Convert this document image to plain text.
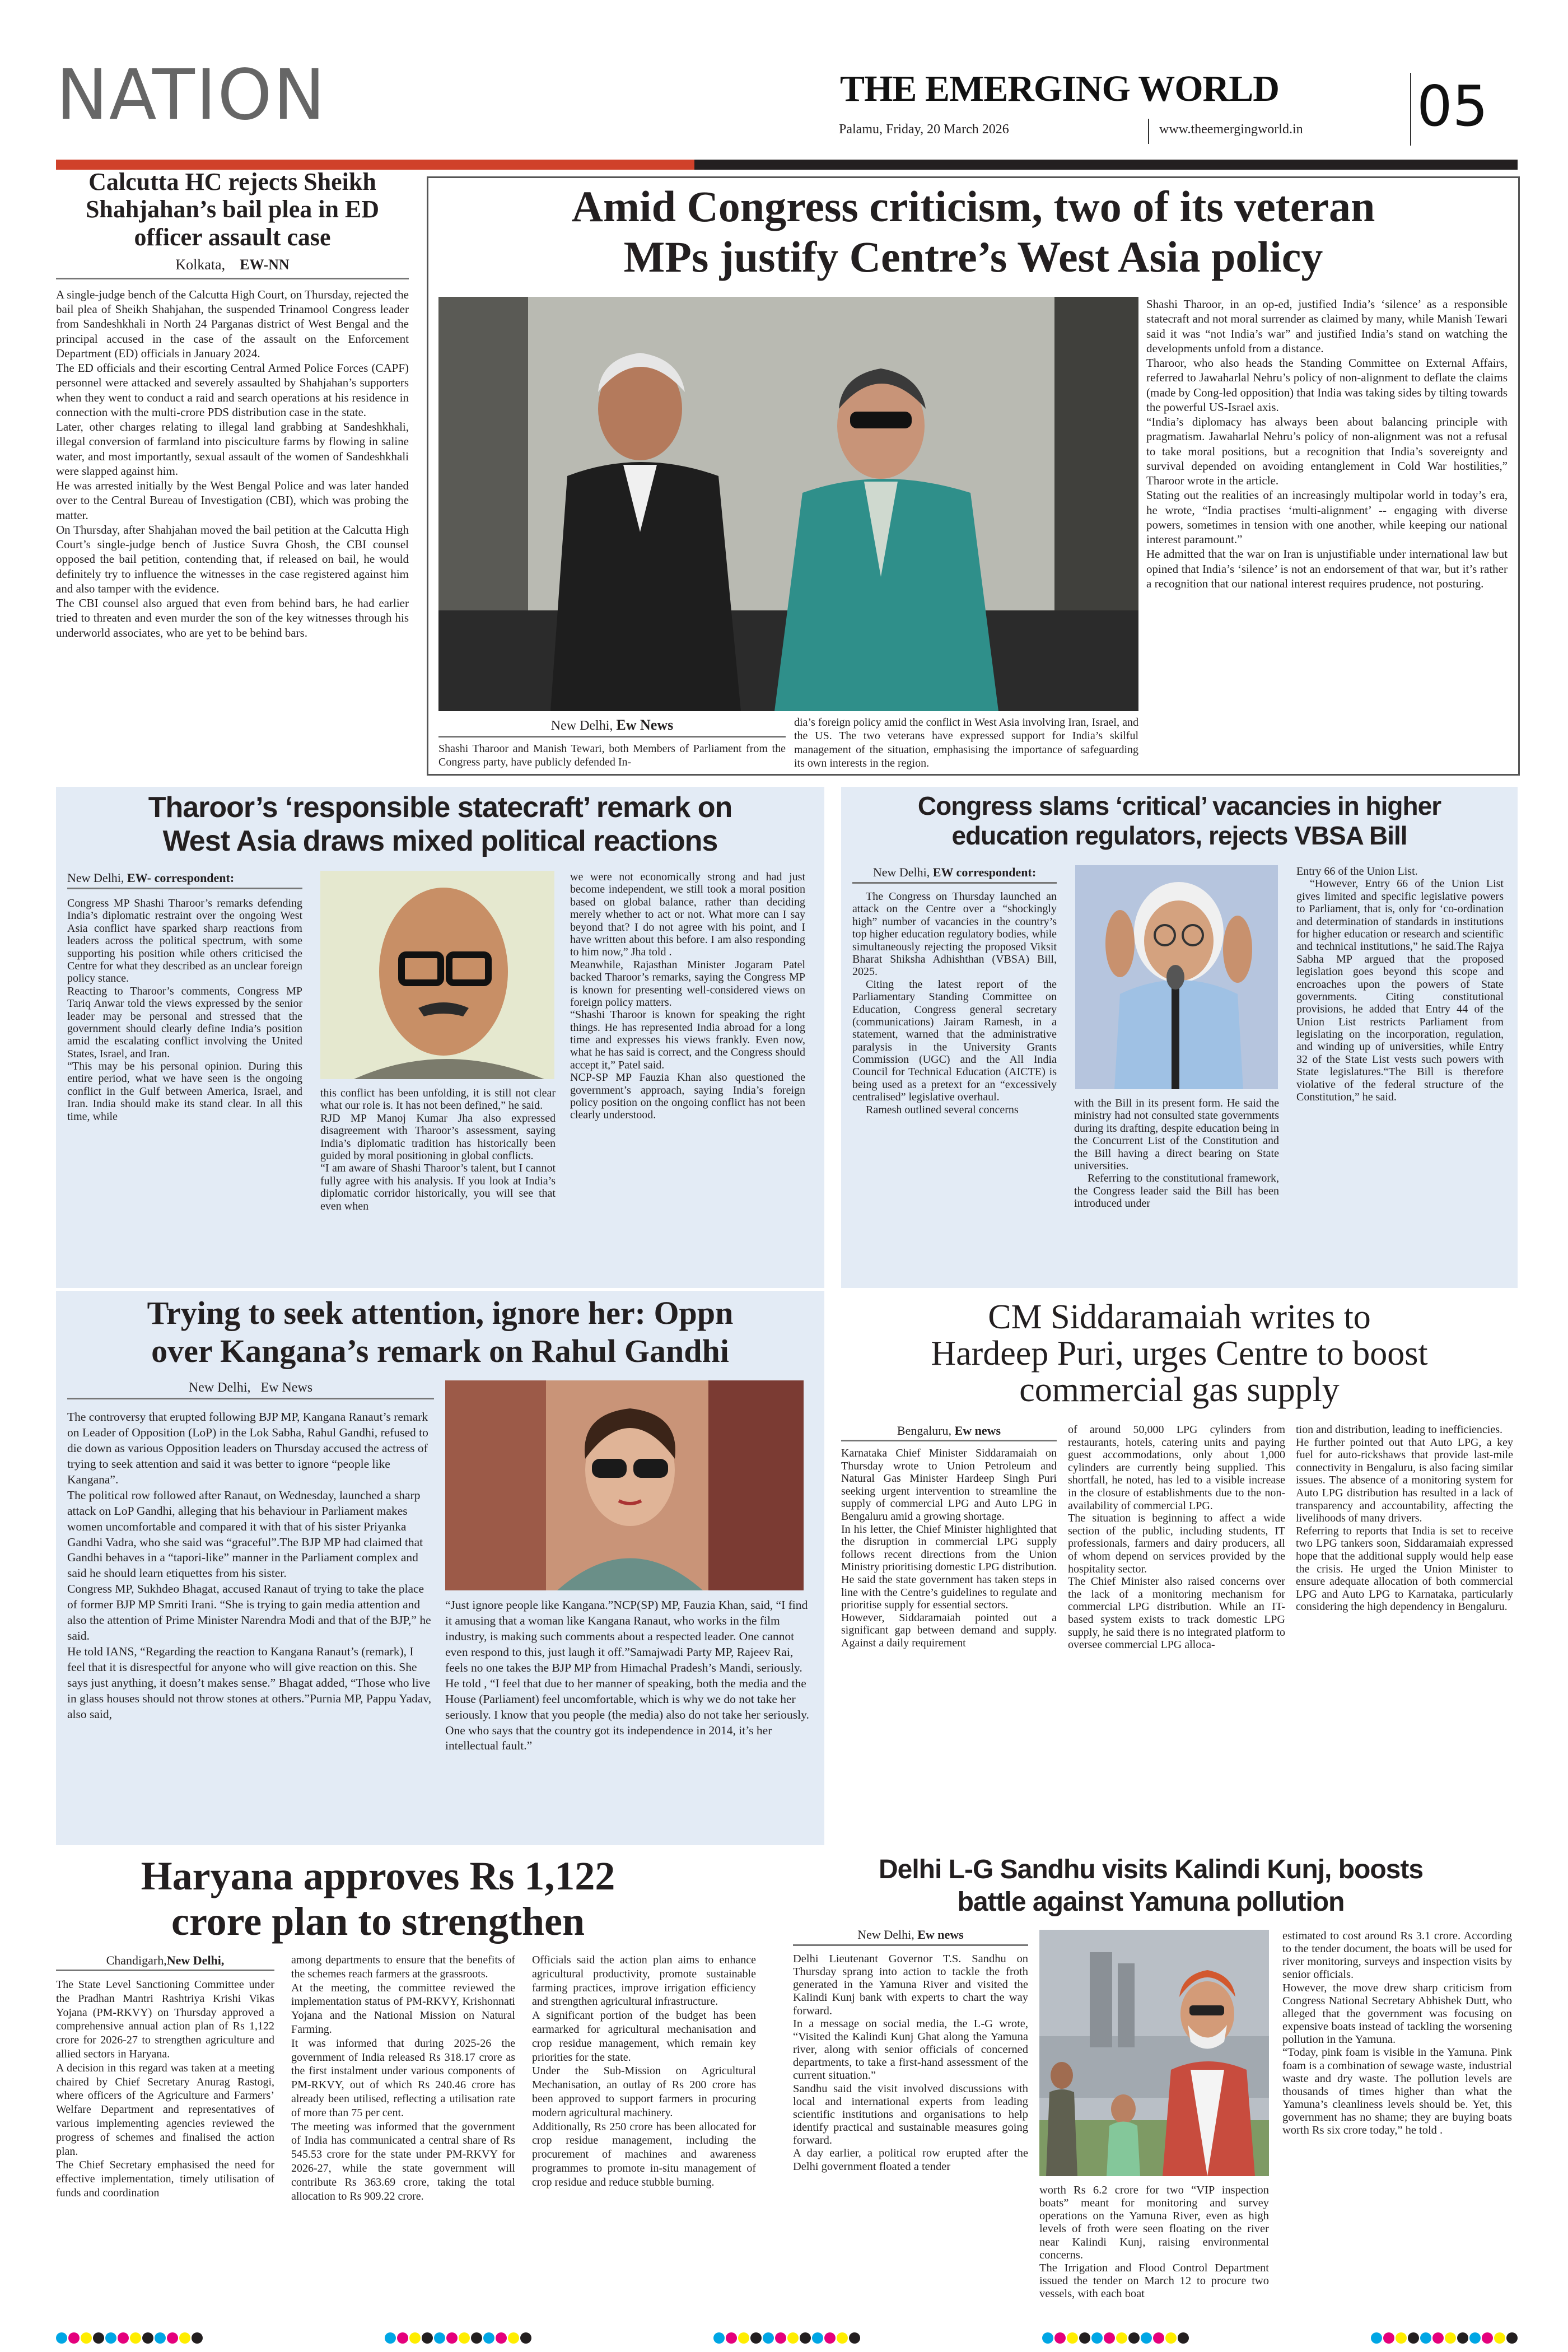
NATION	THE EMERGING WORLD
Palamu, Friday, 20 March 2026	www.theemergingworld.in 05
Calcutta HC rejects Sheikh Shahjahan’s bail plea in ED officer assault case
Kolkata, EW-NN

A single-judge bench of the Calcutta High Court, on Thursday, rejected the bail plea of Sheikh Shahjahan, the suspended Trinamool Congress leader from Sandeshkhali in North 24 Parganas district of West Bengal and the principal accused in the case of the assault on the Enforcement Department (ED) officials in January 2024.

The ED officials and their escorting Central Armed Police Forces (CAPF) personnel were attacked and severely assaulted by Shahjahan’s supporters when they went to conduct a raid and search operations at his residence in connection with the multi-crore PDS distribution case in the state.

Later, other charges relating to illegal land grabbing at Sandeshkhali, illegal conversion of farmland into pisciculture farms by flowing in saline water, and most importantly, sexual assault of the women of Sandeshkhali were slapped against him.

He was arrested initially by the West Bengal Police and was later handed over to the Central Bureau of Investigation (CBI), which was probing the matter.

On Thursday, after Shahjahan moved the bail petition at the Calcutta High Court’s single-judge bench of Justice Suvra Ghosh, the CBI counsel opposed the bail petition, contending that, if released on bail, he would definitely try to influence the witnesses in the case registered against him and also tamper with the evidence.

The CBI counsel also argued that even from behind bars, he had earlier tried to threaten and even murder the son of the key witnesses through his underworld associates, who are yet to be behind bars.

Amid Congress criticism, two of its veteran
MPs justify Centre’s West Asia policy

Shashi Tharoor, in an op-ed, justified India’s ‘silence’ as a responsible statecraft and not moral surrender as claimed by many, while Manish Tewari said it was “not India’s war” and justified India’s stand on watching the developments unfold from a distance.

Tharoor, who also heads the Standing Committee on External Affairs, referred to Jawaharlal Nehru’s policy of non-alignment to deflate the claims (made by Cong-led opposition) that India was taking sides by tilting towards the powerful US-Israel axis.

“India’s diplomacy has always been about balancing principle with pragmatism. Jawaharlal Nehru’s policy of non-alignment was not a refusal to take moral positions, but a recognition that India’s sovereignty and survival depended on avoiding entanglement in Cold War hostilities,” Tharoor wrote in the article.

Stating out the realities of an increasingly multipolar world in today’s era, he wrote, “India practises ‘multi-alignment’ -- engaging with diverse powers, sometimes in tension with one another, while keeping our national interest paramount.”

He admitted that the war on Iran is unjustifiable under international law but opined that India’s ‘silence’ is not an endorsement of that war, but it’s rather a recognition that our national interest requires prudence, not posturing.

New Delhi, Ew News
Shashi Tharoor and Manish Tewari, both Members of Parliament from the Congress party, have publicly defended In-
dia’s foreign policy amid the conflict in West Asia involving Iran, Israel, and the US. The two veterans have expressed support for India’s skilful management of the situation, emphasising the importance of safeguarding its own interests in the region.
Tharoor’s ‘responsible statecraft’ remark on
West Asia draws mixed political reactions
New Delhi, EW- correspondent:

Congress MP Shashi Tharoor’s remarks defending India’s diplomatic restraint over the ongoing West Asia conflict have sparked sharp reactions from leaders across the political spectrum, with some supporting his position while others criticised the Centre for what they described as an unclear foreign policy stance.

Reacting to Tharoor’s comments, Congress MP Tariq Anwar told the views expressed by the senior leader may be personal and stressed that the government should clearly define India’s position amid the escalating conflict involving the United States, Israel, and Iran.

“This may be his personal opinion. During this entire period, what we have seen is the ongoing conflict in the Gulf between America, Israel, and Iran. India should make its stand clear. In all this time, while

this conflict has been unfolding, it is still not clear what our role is. It has not been defined,” he said.

RJD MP Manoj Kumar Jha also expressed disagreement with Tharoor’s assessment, saying India’s diplomatic tradition has historically been guided by moral positioning in global conflicts.

“I am aware of Shashi Tharoor’s talent, but I cannot fully agree with his analysis. If you look at India’s diplomatic corridor historically, you will see that even when

we were not economically strong and had just become independent, we still took a moral position based on global balance, rather than deciding merely whether to act or not. What more can I say beyond that? I do not agree with his point, and I have written about this before. I am also responding to him now,” Jha told .

Meanwhile, Rajasthan Minister Jogaram Patel backed Tharoor’s remarks, saying the Congress MP is known for presenting well-considered views on foreign policy matters.

“Shashi Tharoor is known for speaking the right things. He has represented India abroad for a long time and expresses his views frankly. Even now, what he has said is correct, and the Congress should accept it,” Patel said.

NCP-SP MP Fauzia Khan also questioned the government’s approach, saying India’s foreign policy position on the ongoing conflict has not been clearly understood.

Congress slams ‘critical’ vacancies in higher
education regulators, rejects VBSA Bill
New Delhi, EW correspondent:

The Congress on Thursday launched an attack on the Centre over a “shockingly high” number of vacancies in the country’s top higher education regulatory bodies, while simultaneously rejecting the proposed Viksit Bharat Shiksha Adhishthan (VBSA) Bill, 2025.

Citing the latest report of the Parliamentary Standing Committee on Education, Congress general secretary (communications) Jairam Ramesh, in a statement, warned that the administrative paralysis in the University Grants Commission (UGC) and the All India Council for Technical Education (AICTE) is being used as a pretext for an “excessively centralised” legislative overhaul.

Ramesh outlined several concerns

with the Bill in its present form. He said the ministry had not consulted state governments during its drafting, despite education being in the Concurrent List of the Constitution and the Bill having a direct bearing on State universities.

Referring to the constitutional framework, the Congress leader said the Bill has been introduced under

Entry 66 of the Union List.

“However, Entry 66 of the Union List gives limited and specific legislative powers to Parliament, that is, only for ‘co-ordination and determination of standards in institutions for higher education or research and scientific and technical institutions,” he said.The Rajya Sabha MP argued that the proposed legislation goes beyond this scope and encroaches upon the powers of State governments. Citing constitutional provisions, he added that Entry 44 of the Union List restricts Parliament from legislating on the incorporation, regulation, and winding up of universities, while Entry 32 of the State List vests such powers with State legislatures.“The Bill is therefore violative of the federal structure of the Constitution,” he said.

Trying to seek attention, ignore her: Oppn
over Kangana’s remark on Rahul Gandhi
New Delhi, Ew News

The controversy that erupted following BJP MP, Kangana Ranaut’s remark on Leader of Opposition (LoP) in the Lok Sabha, Rahul Gandhi, refused to die down as various Opposition leaders on Thursday accused the actress of trying to seek attention and said it was better to ignore “people like Kangana”.

The political row followed after Ranaut, on Wednesday, launched a sharp attack on LoP Gandhi, alleging that his behaviour in Parliament makes women uncomfortable and compared it with that of his sister Priyanka Gandhi Vadra, who she said was “graceful”.The BJP MP had claimed that Gandhi behaves in a “tapori-like” manner in the Parliament complex and said he should learn etiquettes from his sister.

Congress MP, Sukhdeo Bhagat, accused Ranaut of trying to take the place of former BJP MP Smriti Irani. “She is trying to gain media attention and also the attention of Prime Minister Narendra Modi and that of the BJP,” he said.

He told IANS, “Regarding the reaction to Kangana Ranaut’s (remark), I feel that it is disrespectful for anyone who will give reaction on this. She says just anything, it doesn’t makes sense.” Bhagat added, “Those who live in glass houses should not throw stones at others.”Purnia MP, Pappu Yadav, also said,

“Just ignore people like Kangana.”NCP(SP) MP, Fauzia Khan, said, “I find it amusing that a woman like Kangana Ranaut, who works in the film industry, is making such comments about a respected leader. One cannot even respond to this, just laugh it off.”Samajwadi Party MP, Rajeev Rai, feels no one takes the BJP MP from Himachal Pradesh’s Mandi, seriously.

He told , “I feel that due to her manner of speaking, both the media and the House (Parliament) feel uncomfortable, which is why we do not take her seriously. I know that you people (the media) also do not take her seriously. One who says that the country got its independence in 2014, it’s her intellectual fault.”

CM Siddaramaiah writes to
Hardeep Puri, urges Centre to boost
commercial gas supply
Bengaluru, Ew news

Karnataka Chief Minister Siddaramaiah on Thursday wrote to Union Petroleum and Natural Gas Minister Hardeep Singh Puri seeking urgent intervention to streamline the supply of commercial LPG and Auto LPG in Bengaluru amid a growing shortage.

In his letter, the Chief Minister highlighted that the disruption in commercial LPG supply follows recent directions from the Union Ministry prioritising domestic LPG distribution. He said the state government has taken steps in line with the Centre’s guidelines to regulate and prioritise supply for essential sectors.

However, Siddaramaiah pointed out a significant gap between demand and supply. Against a daily requirement

of around 50,000 LPG cylinders from restaurants, hotels, catering units and paying guest accommodations, only about 1,000 cylinders are currently being supplied. This shortfall, he noted, has led to a visible increase in the closure of establishments due to the non-availability of commercial LPG.

The situation is beginning to affect a wide section of the public, including students, IT professionals, farmers and dairy producers, all of whom depend on services provided by the hospitality sector.

The Chief Minister also raised concerns over the lack of a monitoring mechanism for commercial LPG distribution. While an IT-based system exists to track domestic LPG supply, he said there is no integrated platform to oversee commercial LPG alloca-

tion and distribution, leading to inefficiencies.

He further pointed out that Auto LPG, a key fuel for auto-rickshaws that provide last-mile connectivity in Bengaluru, is also facing similar issues. The absence of a monitoring system for Auto LPG distribution has resulted in a lack of transparency and accountability, affecting the livelihoods of many drivers.

Referring to reports that India is set to receive two LPG tankers soon, Siddaramaiah expressed hope that the additional supply would help ease the crisis. He urged the Union Minister to ensure adequate allocation of both commercial LPG and Auto LPG to Karnataka, particularly considering the high dependency in Bengaluru.

Haryana approves Rs 1,122
crore plan to strengthen
Chandigarh,New Delhi,

The State Level Sanctioning Committee under the Pradhan Mantri Rashtriya Krishi Vikas Yojana (PM-RKVY) on Thursday approved a comprehensive annual action plan of Rs 1,122 crore for 2026-27 to strengthen agriculture and allied sectors in Haryana.

A decision in this regard was taken at a meeting chaired by Chief Secretary Anurag Rastogi, where officers of the Agriculture and Farmers’ Welfare Department and representatives of various implementing agencies reviewed the progress of schemes and finalised the action plan.

The Chief Secretary emphasised the need for effective implementation, timely utilisation of funds and coordination

among departments to ensure that the benefits of the schemes reach farmers at the grassroots.

At the meeting, the committee reviewed the implementation status of PM-RKVY, Krishonnati Yojana and the National Mission on Natural Farming.

It was informed that during 2025-26 the government of India released Rs 318.17 crore as the first instalment under various components of PM-RKVY, out of which Rs 240.46 crore has already been utilised, reflecting a utilisation rate of more than 75 per cent.

The meeting was informed that the government of India has communicated a central share of Rs 545.53 crore for the state under PM-RKVY for 2026-27, while the state government will contribute Rs 363.69 crore, taking the total allocation to Rs 909.22 crore.

Officials said the action plan aims to enhance agricultural productivity, promote sustainable farming practices, improve irrigation efficiency and strengthen agricultural infrastructure.

A significant portion of the budget has been earmarked for agricultural mechanisation and crop residue management, which remain key priorities for the state.

Under the Sub-Mission on Agricultural Mechanisation, an outlay of Rs 200 crore has been approved to support farmers in procuring modern agricultural machinery.

Additionally, Rs 250 crore has been allocated for crop residue management, including the procurement of machines and awareness programmes to promote in-situ management of crop residue and reduce stubble burning.

Delhi L-G Sandhu visits Kalindi Kunj, boosts
battle against Yamuna pollution
New Delhi, Ew news

Delhi Lieutenant Governor T.S. Sandhu on Thursday sprang into action to tackle the froth generated in the Yamuna River and visited the Kalindi Kunj bank with experts to chart the way forward.

In a message on social media, the L-G wrote, “Visited the Kalindi Kunj Ghat along the Yamuna river, along with senior officials of concerned departments, to take a first-hand assessment of the current situation.”

Sandhu said the visit involved discussions with local and international experts from leading scientific institutions and organisations to help identify practical and sustainable measures going forward.

A day earlier, a political row erupted after the Delhi government floated a tender

worth Rs 6.2 crore for two “VIP inspection boats” meant for monitoring and survey operations on the Yamuna River, even as high levels of froth were seen floating on the river near Kalindi Kunj, raising environmental concerns.

The Irrigation and Flood Control Department issued the tender on March 12 to procure two vessels, with each boat

estimated to cost around Rs 3.1 crore. According to the tender document, the boats will be used for river monitoring, surveys and inspection visits by senior officials.

However, the move drew sharp criticism from Congress National Secretary Abhishek Dutt, who alleged that the government was focusing on expensive boats instead of tackling the worsening pollution in the Yamuna.

“Today, pink foam is visible in the Yamuna. Pink foam is a combination of sewage waste, industrial waste and dry waste. The pollution levels are thousands of times higher than what the Yamuna’s cleanliness levels should be. Yet, this government has no shame; they are buying boats worth Rs six crore today,” he told .
